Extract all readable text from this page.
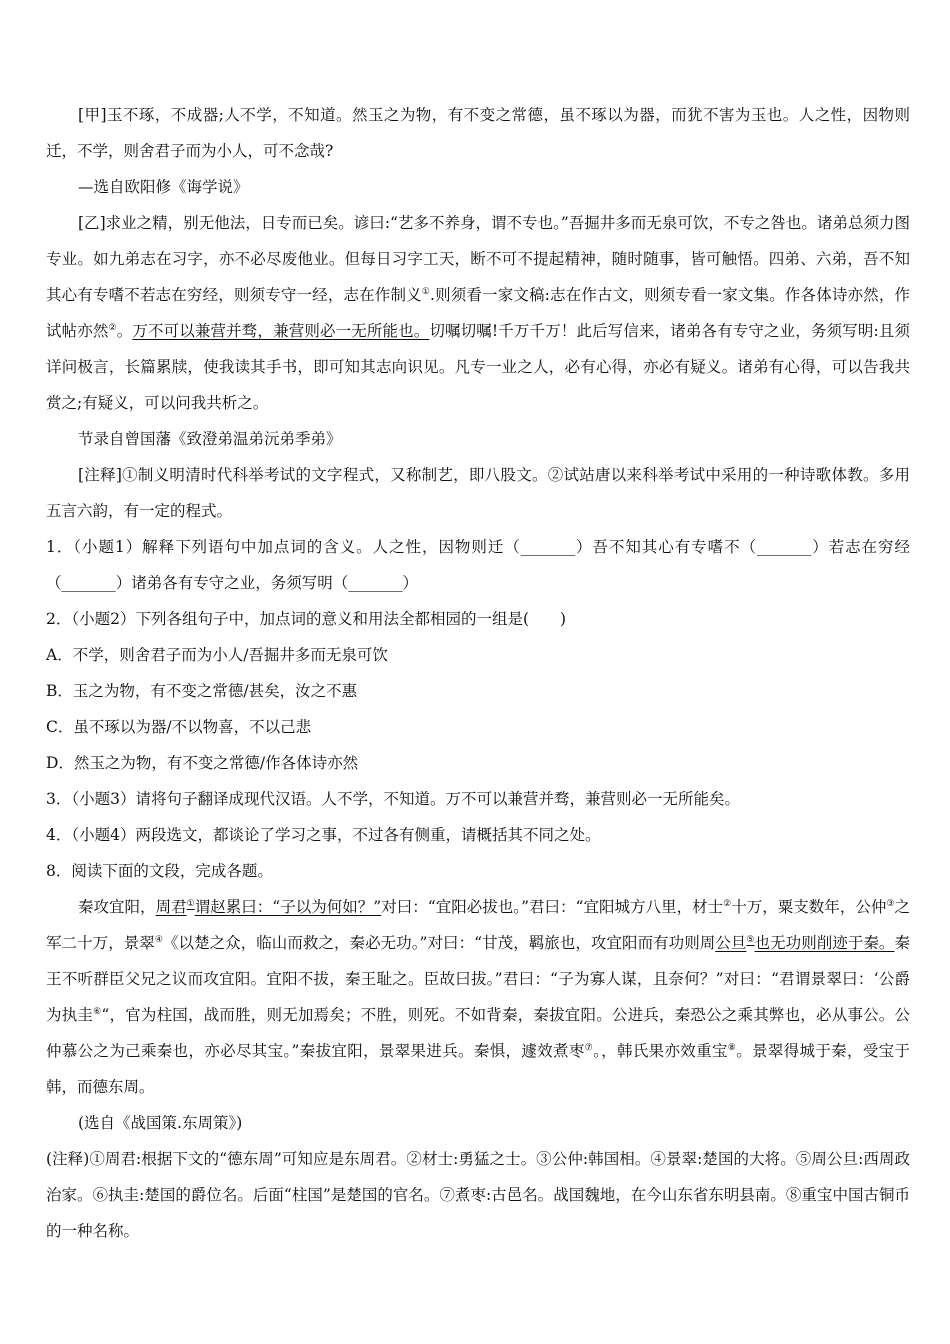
[甲]玉不琢，不成器;人不学，不知道。然玉之为物，有不变之常德，虽不琢以为器，而犹不害为玉也。人之性，因物则迁，不学，则舍君子而为小人，可不念哉?

—选自欧阳修《诲学说》

[乙]求业之精，别无他法，日专而已矣。谚曰:“艺多不养身，谓不专也。”吾掘井多而无泉可饮，不专之咎也。诸弟总须力图专业。如九弟志在习字，亦不必尽废他业。但每日习字工天，断不可不提起精神，随时随事，皆可触悟。四弟、六弟，吾不知其心有专嗜不若志在穷经，则须专守一经，志在作制义①.则须看一家文稿:志在作古文，则须专看一家文集。作各体诗亦然，作试帖亦然②。万不可以兼营并骛，兼营则必一无所能也。切嘱切嘱!千万千万！此后写信来，诸弟各有专守之业，务须写明:且须详问极言，长篇累牍，使我读其手书，即可知其志向识见。凡专一业之人，必有心得，亦必有疑义。诸弟有心得，可以告我共赏之;有疑义，可以问我共析之。

节录自曾国藩《致澄弟温弟沅弟季弟》

[注释]①制义明清时代科举考试的文字程式，又称制艺，即八股文。②试站唐以来科举考试中采用的一种诗歌体教。多用五言六韵，有一定的程式。

1．（小题1）解释下列语句中加点词的含义。人之性，因物则迁（_______）吾不知其心有专嗜不（_______）若志在穷经（_______）诸弟各有专守之业，务须写明（_______）

2．（小题2）下列各组句子中，加点词的意义和用法全都相园的一组是(　　)

A．不学，则舍君子而为小人/吾掘井多而无泉可饮

B．玉之为物，有不变之常德/甚矣，汝之不惠

C．虽不琢以为器/不以物喜，不以己悲

D．然玉之为物，有不变之常德/作各体诗亦然

3．（小题3）请将句子翻译成现代汉语。人不学，不知道。万不可以兼营并骛，兼营则必一无所能矣。

4．（小题4）两段选文，都谈论了学习之事，不过各有侧重，请概括其不同之处。

8．阅读下面的文段，完成各题。

秦攻宜阳，周君①谓赵累曰：“子以为何如？”对曰：“宜阳必拔也。”君曰：“宜阳城方八里，材士②十万，粟支数年，公仲③之军二十万，景翠④《以楚之众，临山而救之，秦必无功。”对曰：“甘茂，羁旅也，攻宜阳而有功则周公旦⑤也无功则削迹于秦。秦王不听群臣父兄之议而攻宜阳。宜阳不拔，秦王耻之。臣故曰拔。”君曰：“子为寡人谋，且奈何？”对曰：“君谓景翠曰：‘公爵为执圭⑥“，官为柱国，战而胜，则无加焉矣；不胜，则死。不如背秦，秦拔宜阳。公进兵，秦恐公之乘其弊也，必从事公。公仲慕公之为己乘秦也，亦必尽其宝。”秦拔宜阳，景翠果进兵。秦惧，遽效煮枣⑦。，韩氏果亦效重宝⑧。景翠得城于秦，受宝于韩，而德东周。

(选自《战国策.东周策》)

(注释)①周君:根据下文的“德东周”可知应是东周君。②材士:勇猛之士。③公仲:韩国相。④景翠:楚国的大将。⑤周公旦:西周政治家。⑥执圭:楚国的爵位名。后面“柱国”是楚国的官名。⑦煮枣:古邑名。战国魏地，在今山东省东明县南。⑧重宝中国古铜币的一种名称。
